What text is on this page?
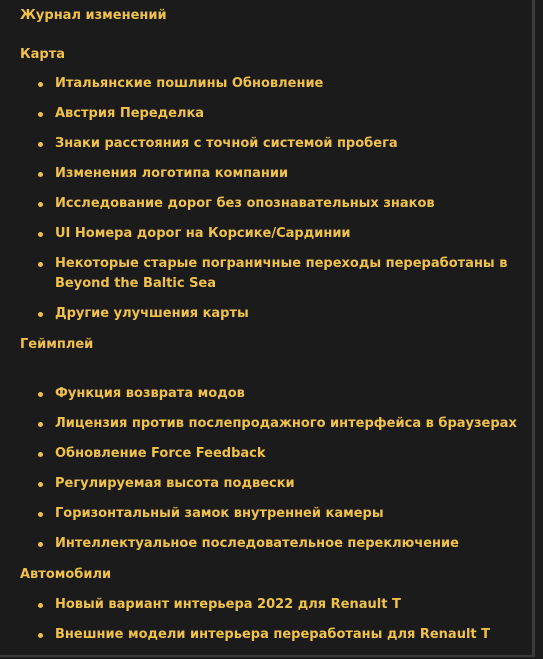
Журнал изменений
Карта
Итальянские пошлины Обновление
Австрия Переделка
Знаки расстояния с точной системой пробега
Изменения логотипа компании
Исследование дорог без опознавательных знаков
UI Номера дорог на Корсике/Сардинии
Некоторые старые пограничные переходы переработаны в Beyond the Baltic Sea
Другие улучшения карты
Геймплей
Функция возврата модов
Лицензия против послепродажного интерфейса в браузерах
Обновление Force Feedback
Регулируемая высота подвески
Горизонтальный замок внутренней камеры
Интеллектуальное последовательное переключение
Автомобили
Новый вариант интерьера 2022 для Renault T
Внешние модели интерьера переработаны для Renault T
